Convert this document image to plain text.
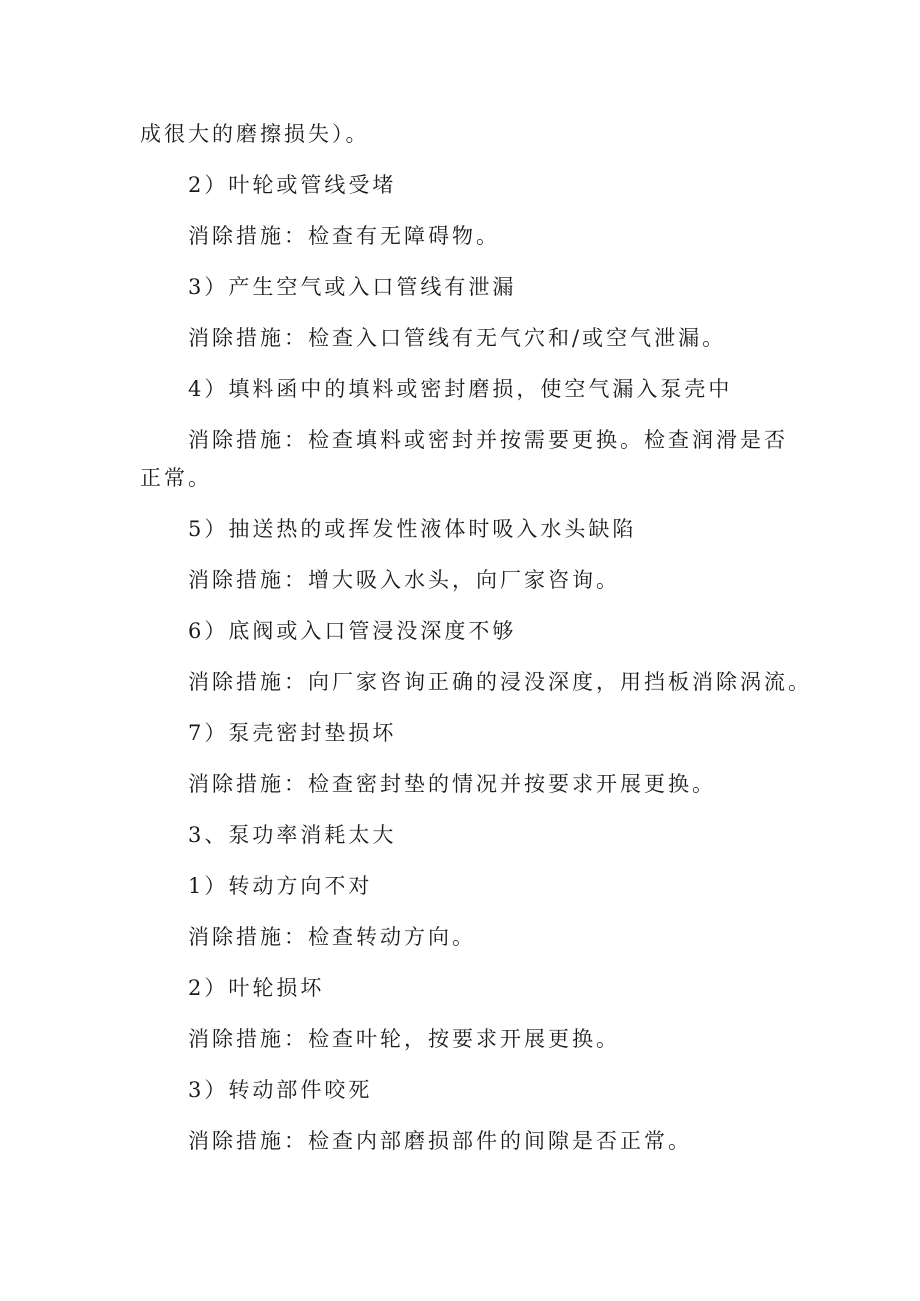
成很大的磨擦损失）。
2）叶轮或管线受堵
消除措施：检查有无障碍物。
3）产生空气或入口管线有泄漏
消除措施：检查入口管线有无气穴和/或空气泄漏。
4）填料函中的填料或密封磨损，使空气漏入泵壳中
消除措施：检查填料或密封并按需要更换。检查润滑是否
正常。
5）抽送热的或挥发性液体时吸入水头缺陷
消除措施：增大吸入水头，向厂家咨询。
6）底阀或入口管浸没深度不够
消除措施：向厂家咨询正确的浸没深度，用挡板消除涡流。
7）泵壳密封垫损坏
消除措施：检查密封垫的情况并按要求开展更换。
3、泵功率消耗太大
1）转动方向不对
消除措施：检查转动方向。
2）叶轮损坏
消除措施：检查叶轮，按要求开展更换。
3）转动部件咬死
消除措施：检查内部磨损部件的间隙是否正常。
